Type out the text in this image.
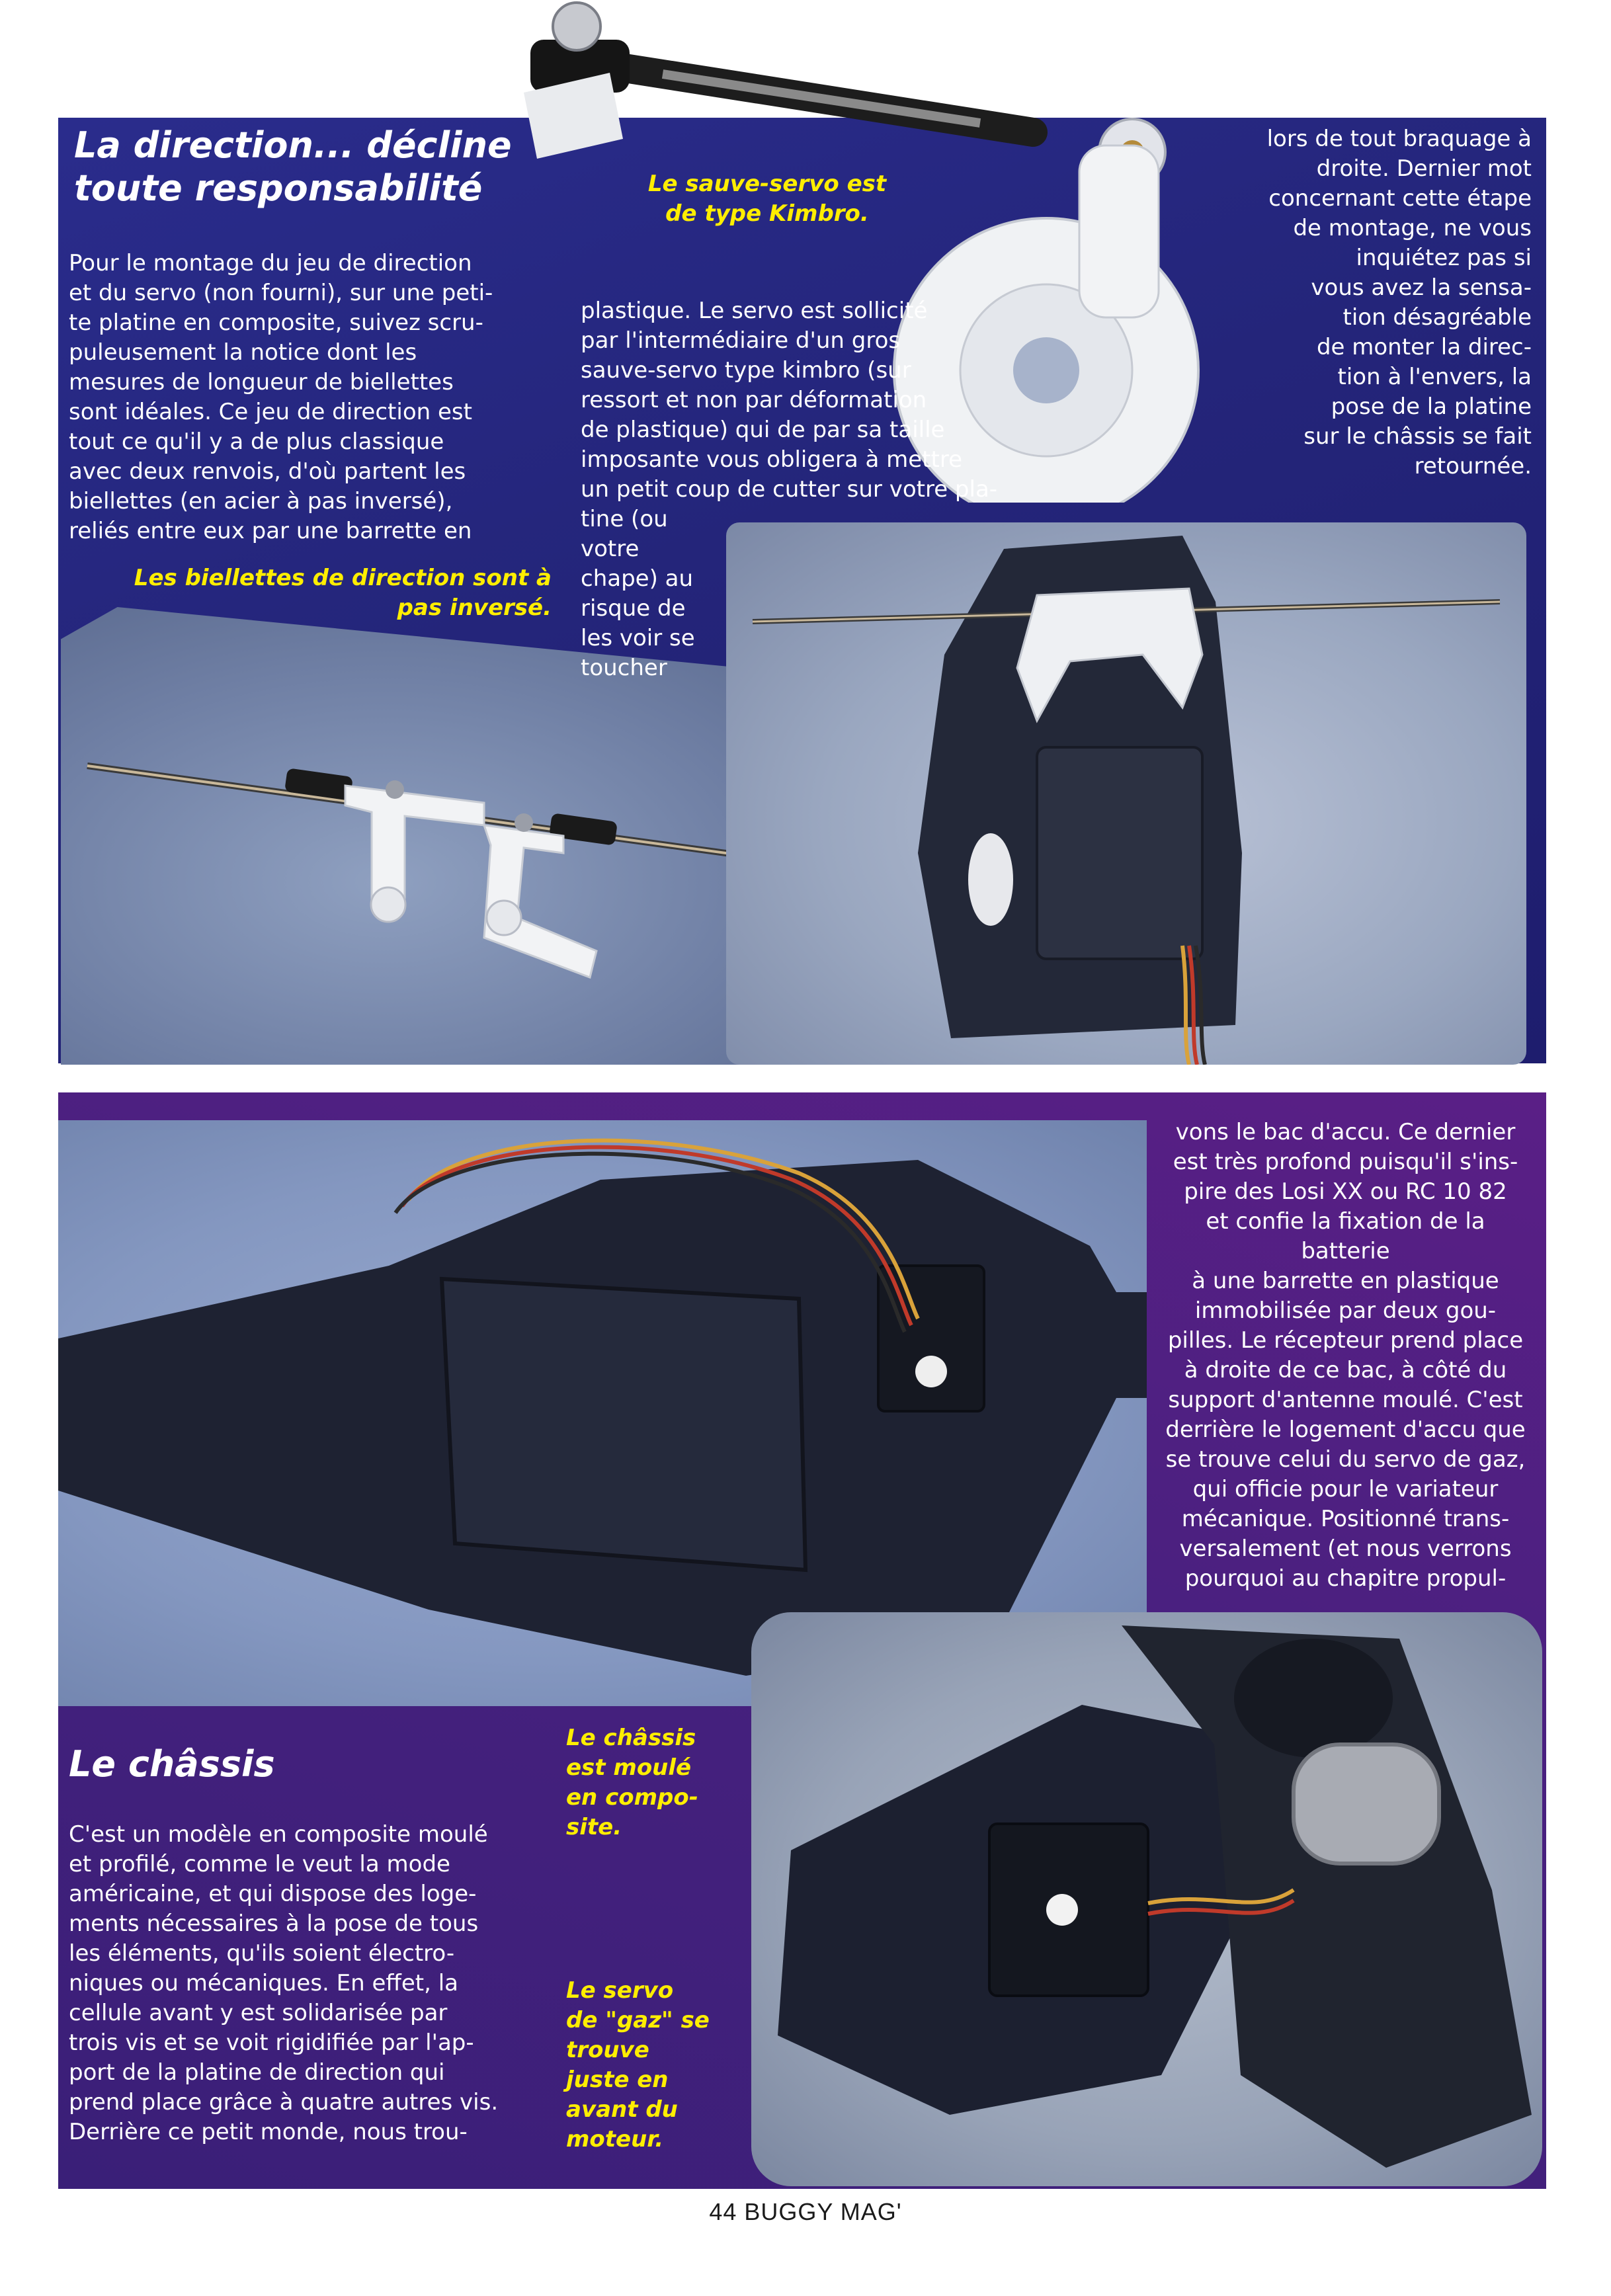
La direction... décline toute responsabilité
Pour le montage du jeu de direction
et du servo (non fourni), sur une peti-
te platine en composite, suivez scru-
puleusement la notice dont les
mesures de longueur de biellettes
sont idéales. Ce jeu de direction est
tout ce qu'il y a de plus classique
avec deux renvois, d'où partent les
biellettes (en acier à pas inversé),
reliés entre eux par une barrette en
Le sauve-servo est
de type Kimbro.
plastique. Le servo est sollicité
par l'intermédiaire d'un gros
sauve-servo type kimbro (sur
ressort et non par déformation
de plastique) qui de par sa taille
imposante vous obligera à mettre
un petit coup de cutter sur votre pla-
tine (ou
votre
chape) au
risque de
les voir se
toucher
lors de tout braquage à
droite. Dernier mot
concernant cette étape
de montage, ne vous
inquiétez pas si
vous avez la sensa-
tion désagréable
de monter la direc-
tion à l'envers, la
pose de la platine
sur le châssis se fait
retournée.
Les biellettes de direction sont à
pas inversé.
vons le bac d'accu. Ce dernier
est très profond puisqu'il s'ins-
pire des Losi XX ou RC 10 82
et confie la fixation de la batterie
à une barrette en plastique
immobilisée par deux gou-
pilles. Le récepteur prend place
à droite de ce bac, à côté du
support d'antenne moulé. C'est
derrière le logement d'accu que
se trouve celui du servo de gaz,
qui officie pour le variateur
mécanique. Positionné trans-
versalement (et nous verrons
pourquoi au chapitre propul-
Le châssis
C'est un modèle en composite moulé
et profilé, comme le veut la mode
américaine, et qui dispose des loge-
ments nécessaires à la pose de tous
les éléments, qu'ils soient électro-
niques ou mécaniques. En effet, la
cellule avant y est solidarisée par
trois vis et se voit rigidifiée par l'ap-
port de la platine de direction qui
prend place grâce à quatre autres vis.
Derrière ce petit monde, nous trou-
Le châssis
est moulé
en compo-
site.
Le servo
de "gaz" se
trouve
juste en
avant du
moteur.
44 BUGGY MAG'
